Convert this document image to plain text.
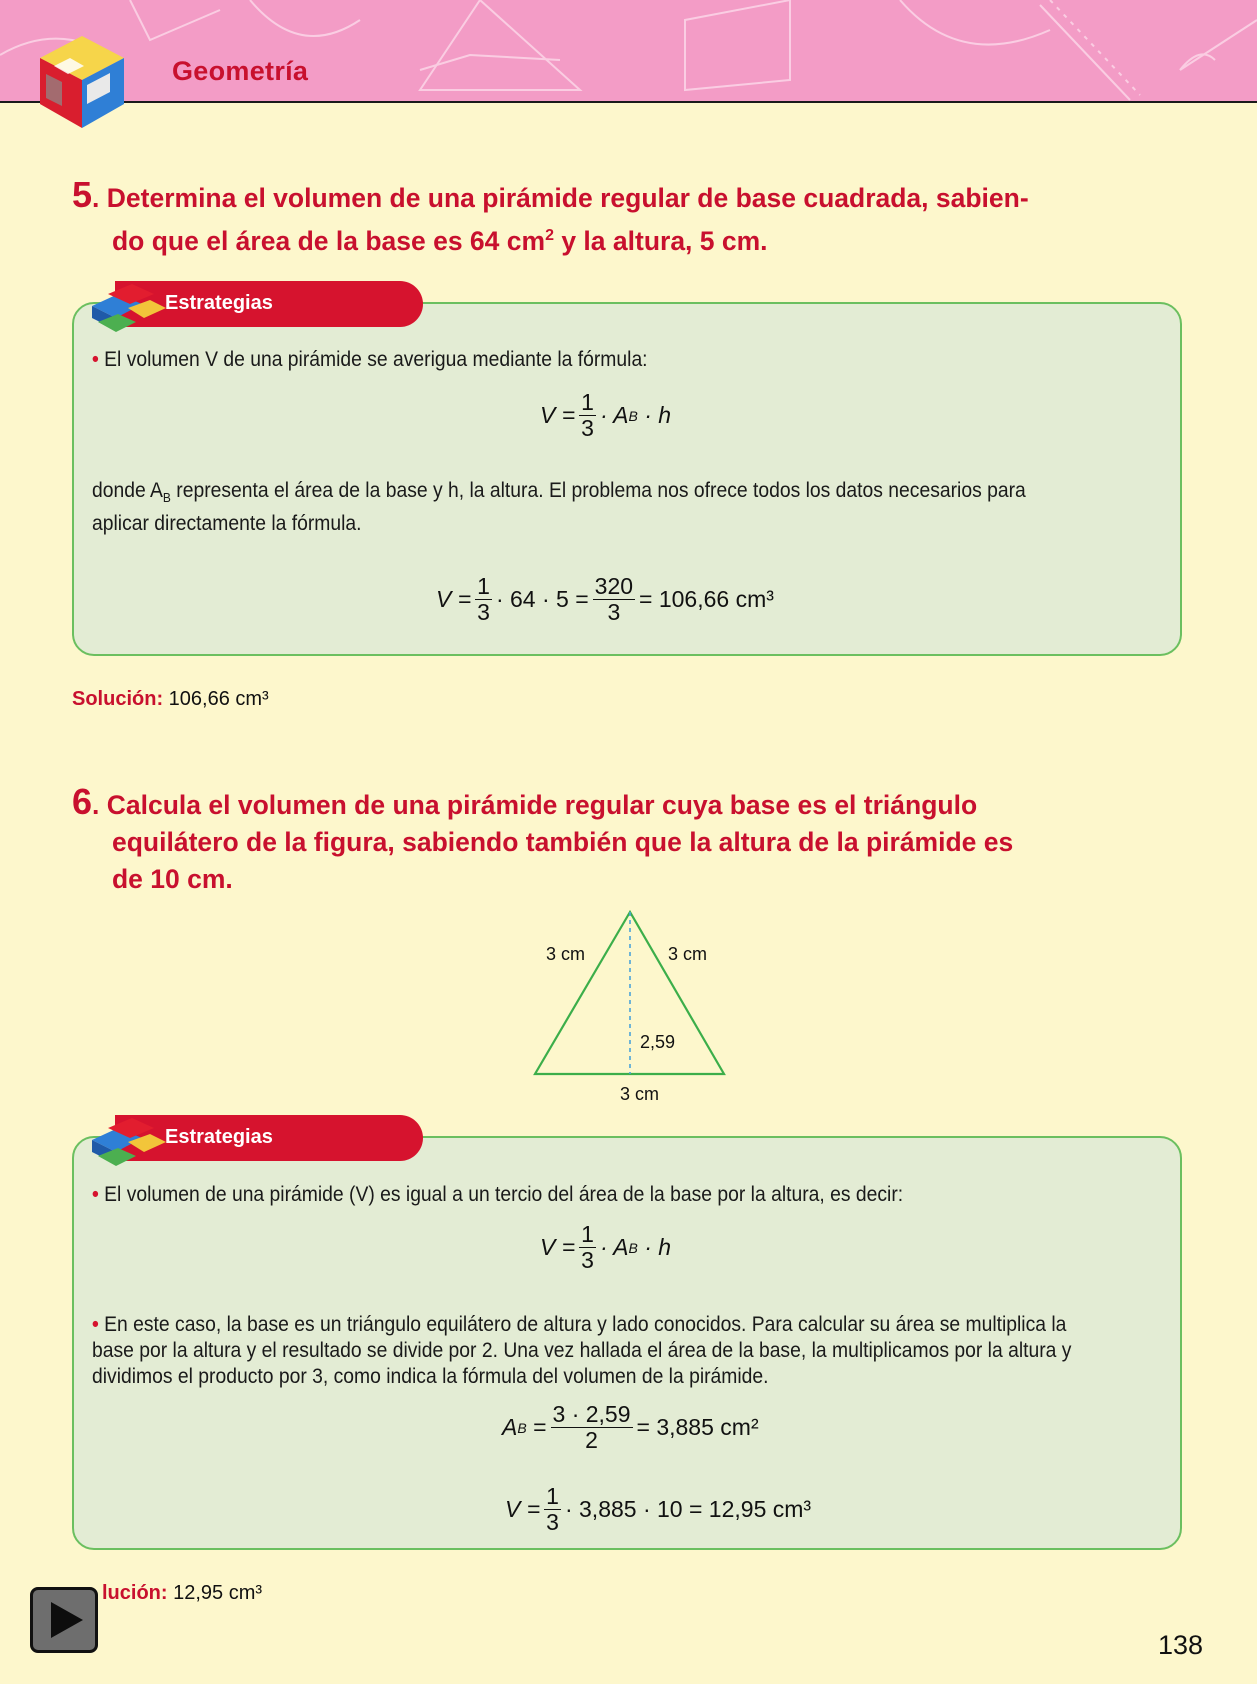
Geometría
5. Determina el volumen de una pirámide regular de base cuadrada, sabien-
do que el área de la base es 64 $cm^2$ y la altura, 5 cm.
Estrategias
• El volumen V de una pirámide se averigua mediante la fórmula:
$V = \frac{1}{3} \cdot A$ B
· h
donde $A_B$ representa el área de la base y h, la altura. El problema nos ofrece todos los datos necesarios para
aplicar directamente la fórmula.
$V = \frac{1}{3} \cdot 64 \cdot 5 = \frac{320}{3} = 106,66$ cm³
Solución: 106,66 cm³
6. Calcula el volumen de una pirámide regular cuya base es el triángulo
equilátero de la figura, sabiendo también que la altura de la pirámide es
de 10 cm.
3 cm	3 cm
2,59
3 cm
Estrategias
• El volumen de una pirámide (V) es igual a un tercio del área de la base por la altura, es decir:
$V = \frac{1}{3} \cdot A$ B
· h
• En este caso, la base es un triángulo equilátero de altura y lado conocidos. Para calcular su área se multiplica la
base por la altura y el resultado se divide por 2. Una vez hallada el área de la base, la multiplicamos por la altura y
dividimos el producto por 3, como indica la fórmula del volumen de la pirámide.
A B
= $\frac{3 \cdot 2,59}{2} = 3,885$ cm²
$V = \frac{1}{3} \cdot 3,885 \cdot 10 = 12,95$ cm³
lución: 12,95 cm³
138
